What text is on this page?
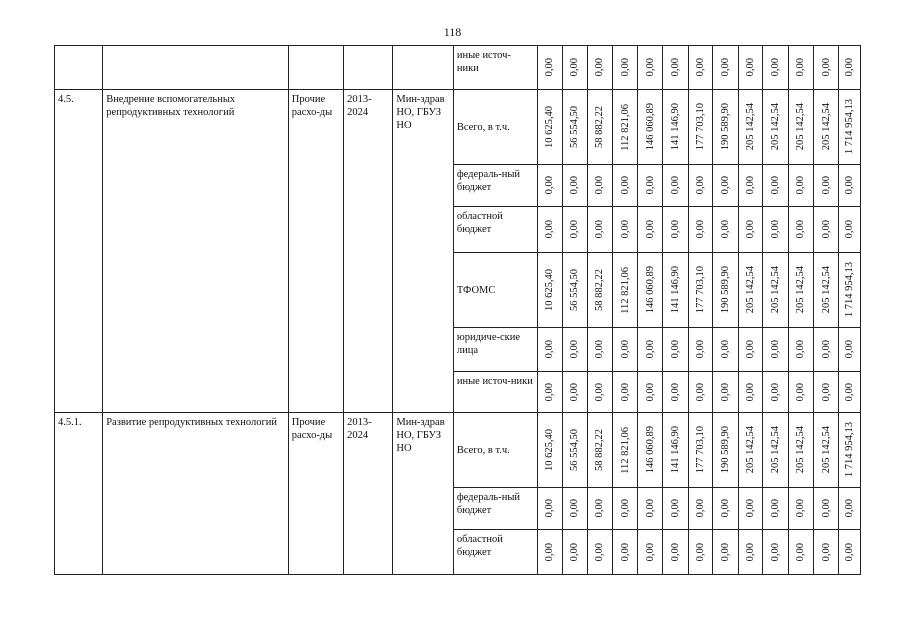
118
					иные источ- ники	0,00	0,00	0,00	0,00	0,00	0,00	0,00	0,00	0,00	0,00	0,00	0,00	0,00

4.5.	Внедрение вспомогательных репродуктивных технологий	Прочие расхо-ды	2013-2024	Мин-здрав НО, ГБУЗ НО	Всего, в т.ч.	10 625,40	56 554,50	58 882,22	112 821,06	146 060,89	141 146,90	177 703,10	190 589,90	205 142,54	205 142,54	205 142,54	205 142,54	1 714 954,13

					федераль-ный бюджет	0,00	0,00	0,00	0,00	0,00	0,00	0,00	0,00	0,00	0,00	0,00	0,00	0,00

					областной бюджет	0,00	0,00	0,00	0,00	0,00	0,00	0,00	0,00	0,00	0,00	0,00	0,00	0,00

					ТФОМС	10 625,40	56 554,50	58 882,22	112 821,06	146 060,89	141 146,90	177 703,10	190 589,90	205 142,54	205 142,54	205 142,54	205 142,54	1 714 954,13

					юридиче-ские лица	0,00	0,00	0,00	0,00	0,00	0,00	0,00	0,00	0,00	0,00	0,00	0,00	0,00

					иные источ-ники	0,00	0,00	0,00	0,00	0,00	0,00	0,00	0,00	0,00	0,00	0,00	0,00	0,00

4.5.1.	Развитие репродуктивных технологий	Прочие расхо-ды	2013-2024	Мин-здрав НО, ГБУЗ НО	Всего, в т.ч.	10 625,40	56 554,50	58 882,22	112 821,06	146 060,89	141 146,90	177 703,10	190 589,90	205 142,54	205 142,54	205 142,54	205 142,54	1 714 954,13

					федераль-ный бюджет	0,00	0,00	0,00	0,00	0,00	0,00	0,00	0,00	0,00	0,00	0,00	0,00	0,00

					областной бюджет	0,00	0,00	0,00	0,00	0,00	0,00	0,00	0,00	0,00	0,00	0,00	0,00	0,00
